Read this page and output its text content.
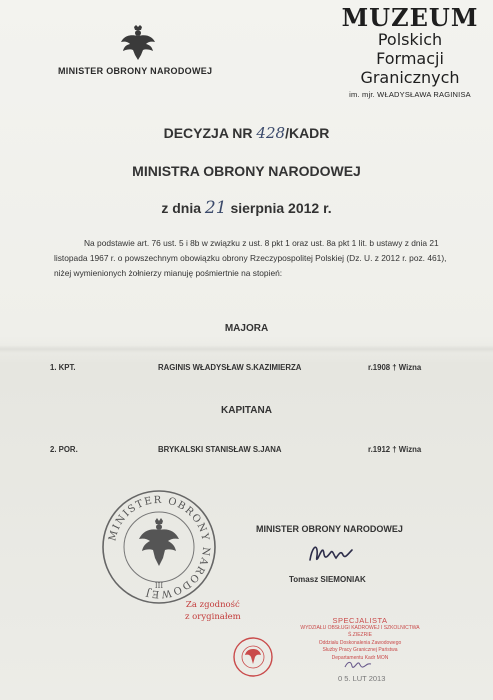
MINISTER OBRONY NARODOWEJ
MUZEUM
Polskich
Formacji
Granicznych
im. mjr. WŁADYSŁAWA RAGINISA
DECYZJA NR 428/KADR
MINISTRA OBRONY NARODOWEJ
z dnia 21 sierpnia 2012 r.
Na podstawie art. 76 ust. 5 i 8b w związku z ust. 8 pkt 1 oraz ust. 8a pkt 1 lit. b ustawy z dnia 21 listopada 1967 r. o powszechnym obowiązku obrony Rzeczypospolitej Polskiej (Dz. U. z 2012 r. poz. 461), niżej wymienionych żołnierzy mianuję pośmiertnie na stopień:
MAJORA
1. KPT.	RAGINIS WŁADYSŁAW S.KAZIMIERZA	r.1908 † Wizna
KAPITANA
2. POR.	BRYKALSKI STANISŁAW S.JANA	r.1912 † Wizna
MINISTER OBRONY NARODOWEJ
III
MINISTER OBRONY NARODOWEJ
Tomasz SIEMONIAK
Za zgodność
z oryginałem	SPECJALISTA
WYDZIAŁU OBSŁUGI KADROWEJ I SZKOLNICTWA Ś.ZIEZRIE
Oddziału Doskonalenia Zawodowego
Służby Pracy Granicznej Państwa
Departamentu Kadr MON
0 5. LUT 2013
